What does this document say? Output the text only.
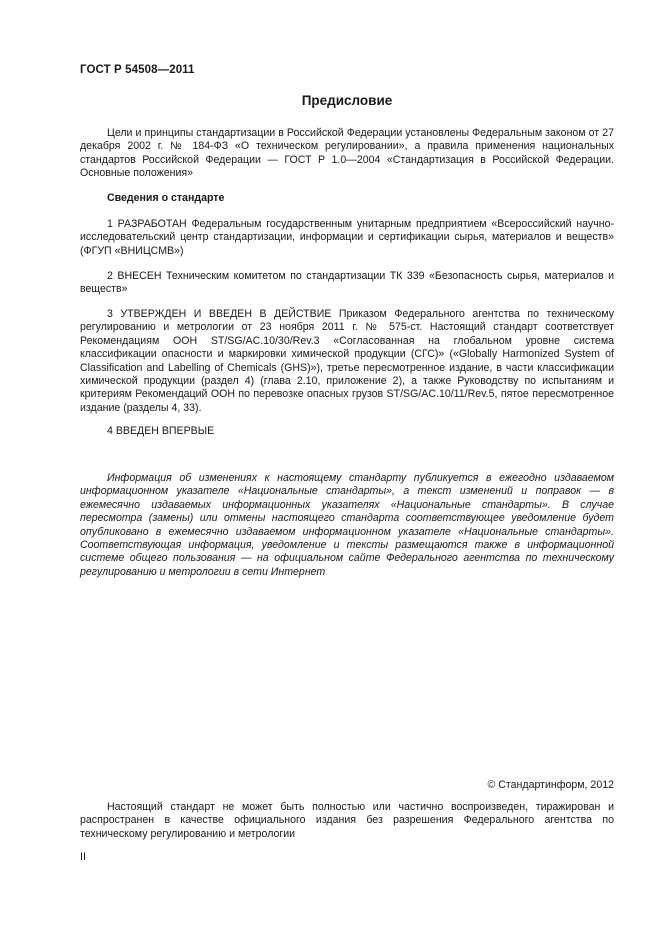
ГОСТ Р 54508—2011
Предисловие

Цели и принципы стандартизации в Российской Федерации установлены Федеральным законом от 27 декабря 2002 г. № 184-ФЗ «О техническом регулировании», а правила применения национальных стандартов Российской Федерации — ГОСТ Р 1.0—2004 «Стандартизация в Российской Федерации. Основные положения»

Сведения о стандарте

1 РАЗРАБОТАН Федеральным государственным унитарным предприятием «Всероссийский научно-исследовательский центр стандартизации, информации и сертификации сырья, материалов и веществ» (ФГУП «ВНИЦСМВ»)

2 ВНЕСЕН Техническим комитетом по стандартизации ТК 339 «Безопасность сырья, материалов и веществ»

3 УТВЕРЖДЕН И ВВЕДЕН В ДЕЙСТВИЕ Приказом Федерального агентства по техническому регулированию и метрологии от 23 ноября 2011 г. № 575-ст. Настоящий стандарт соответствует Рекомендациям ООН ST/SG/AC.10/30/Rev.3 «Согласованная на глобальном уровне система классификации опасности и маркировки химической продукции (СГС)» («Globally Harmonized System of Classification and Labelling of Chemicals (GHS)»), третье пересмотренное издание, в части классификации химической продукции (раздел 4) (глава 2.10, приложение 2), а также Руководству по испытаниям и критериям Рекомендаций ООН по перевозке опасных грузов ST/SG/AC.10/11/Rev.5, пятое пересмотренное издание (разделы 4, 33).

4 ВВЕДЕН ВПЕРВЫЕ

Информация об изменениях к настоящему стандарту публикуется в ежегодно издаваемом информационном указателе «Национальные стандарты», а текст изменений и поправок — в ежемесячно издаваемых информационных указателях «Национальные стандарты». В случае пересмотра (замены) или отмены настоящего стандарта соответствующее уведомление будет опубликовано в ежемесячно издаваемом информационном указателе «Национальные стандарты». Соответствующая информация, уведомление и тексты размещаются также в информационной системе общего пользования — на официальном сайте Федерального агентства по техническому регулированию и метрологии в сети Интернет

© Стандартинформ, 2012

Настоящий стандарт не может быть полностью или частично воспроизведен, тиражирован и распространен в качестве официального издания без разрешения Федерального агентства по техническому регулированию и метрологии

II
